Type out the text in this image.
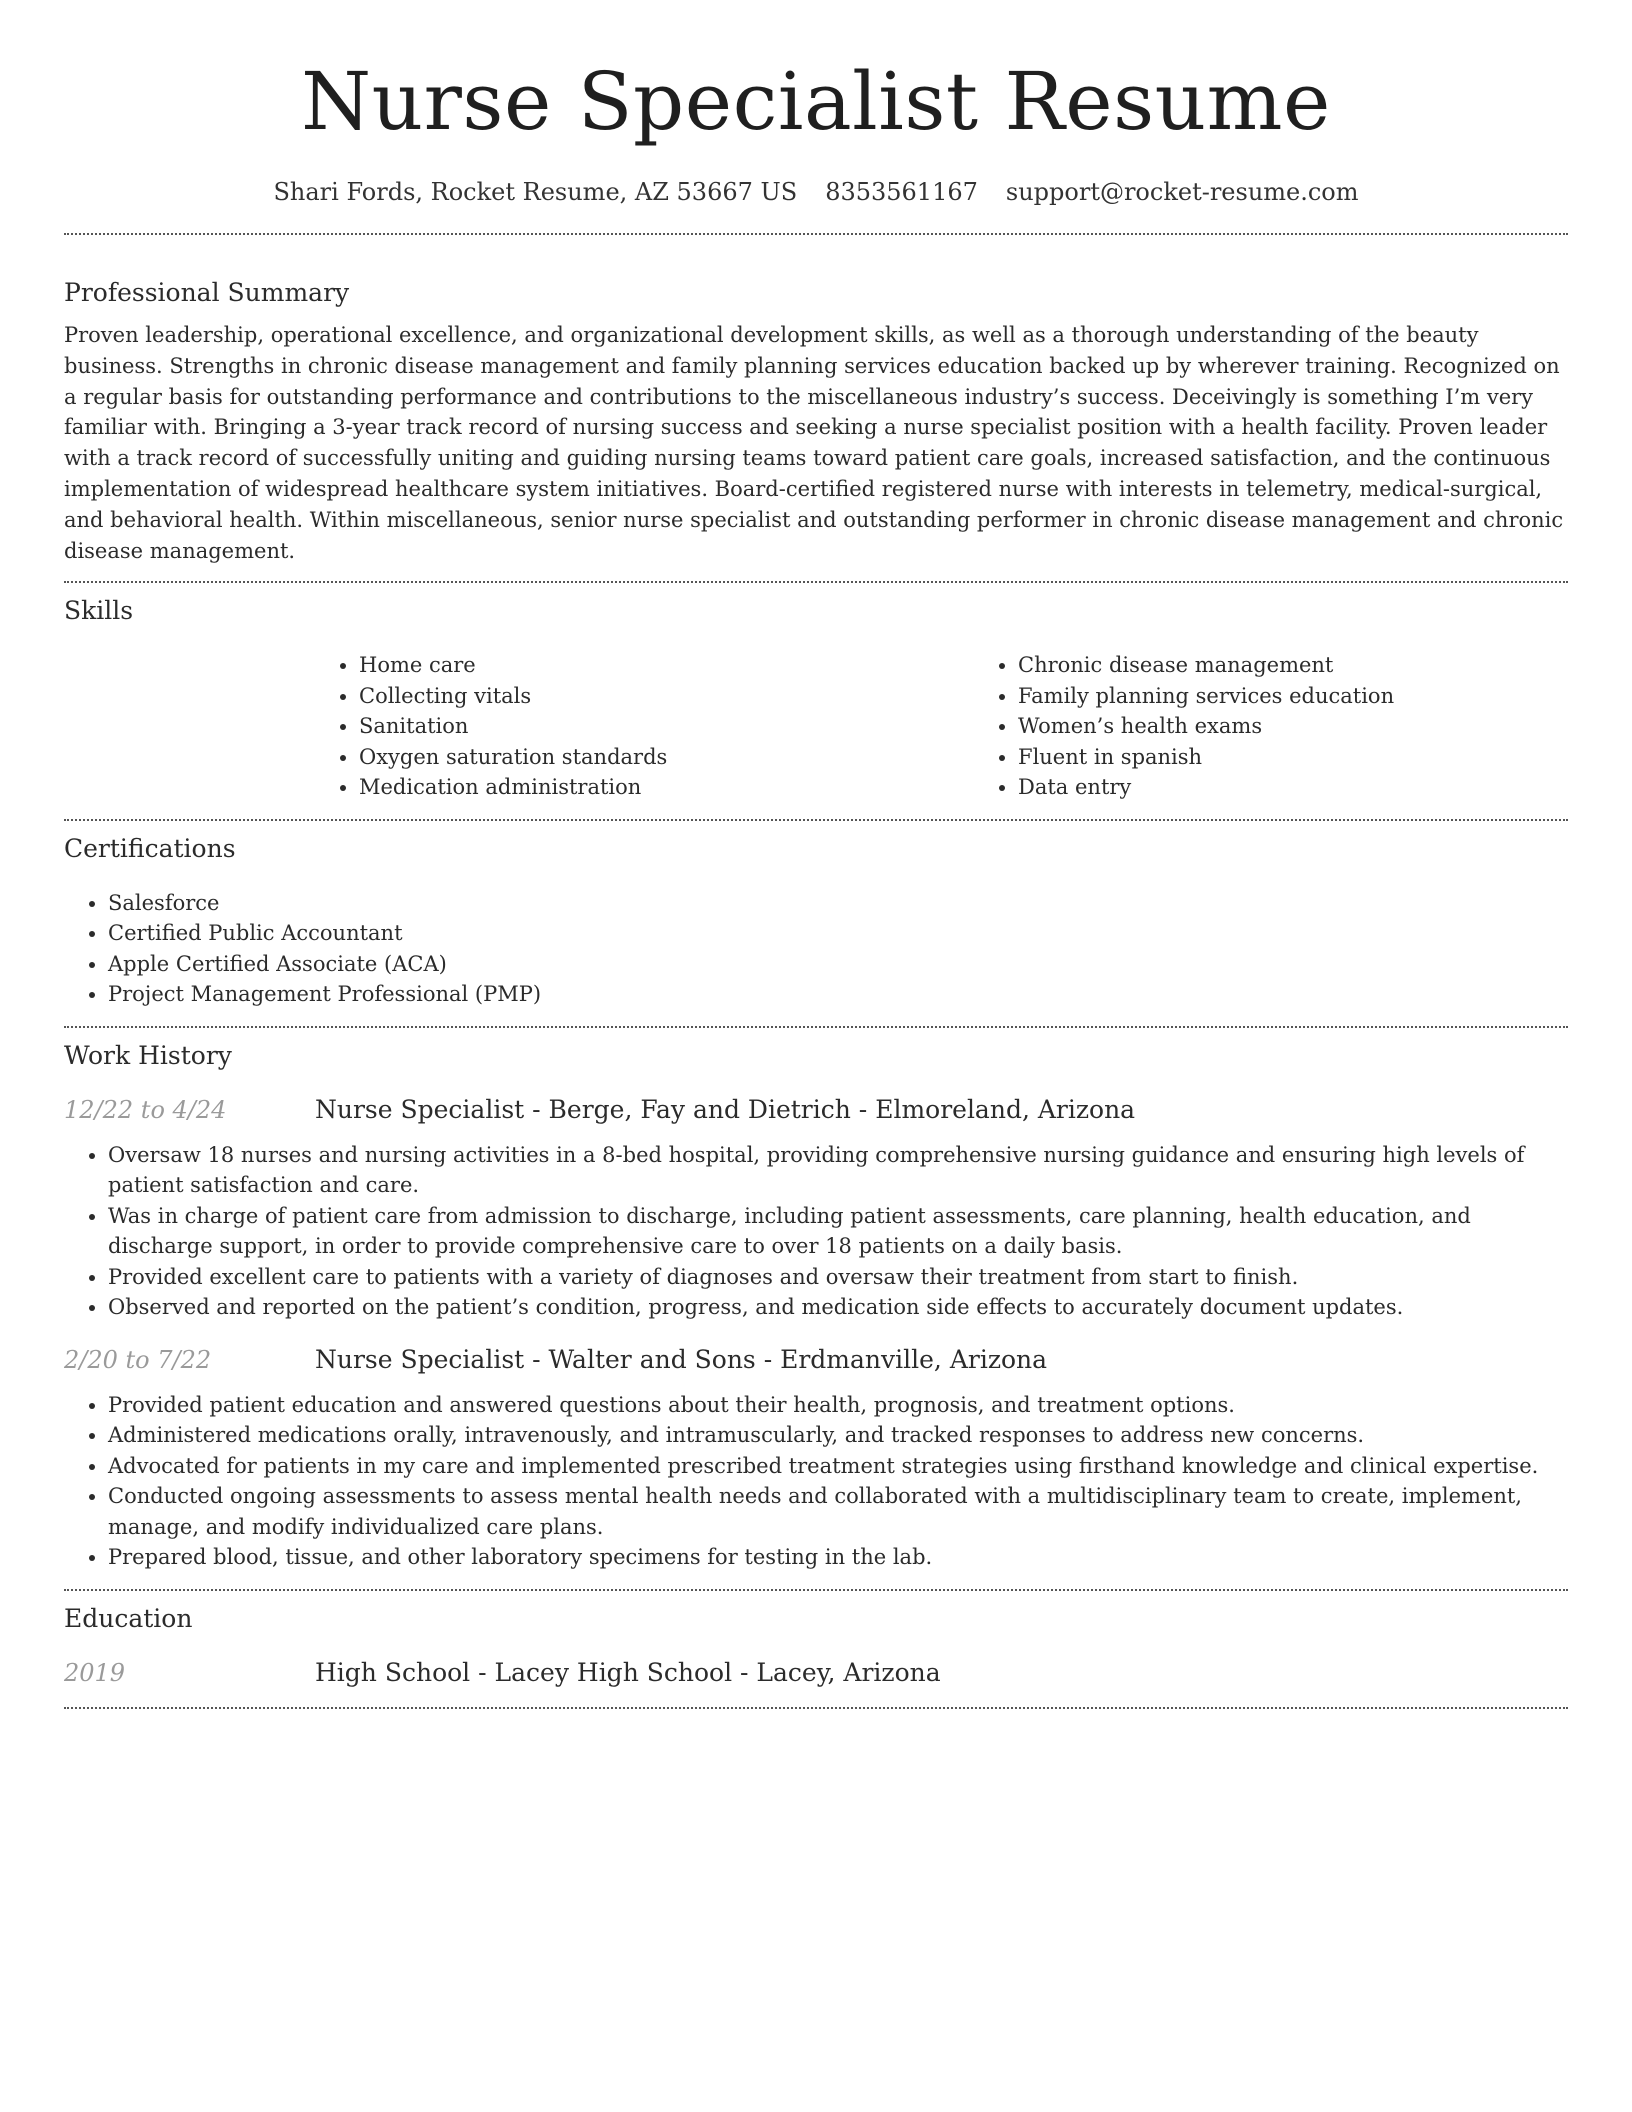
Nurse Specialist Resume
Shari Fords, Rocket Resume, AZ 53667 US 8353561167 support@rocket-resume.com
Professional Summary

Proven leadership, operational excellence, and organizational development skills, as well as a thorough understanding of the beauty business. Strengths in chronic disease management and family planning services education backed up by wherever training. Recognized on a regular basis for outstanding performance and contributions to the miscellaneous industry’s success. Deceivingly is something I’m very familiar with. Bringing a 3-year track record of nursing success and seeking a nurse specialist position with a health facility. Proven leader with a track record of successfully uniting and guiding nursing teams toward patient care goals, increased satisfaction, and the continuous implementation of widespread healthcare system initiatives. Board-certified registered nurse with interests in telemetry, medical-surgical, and behavioral health. Within miscellaneous, senior nurse specialist and outstanding performer in chronic disease management and chronic disease management.

Skills
• Home care
• Collecting vitals
• Sanitation
• Oxygen saturation standards
• Medication administration
• Chronic disease management
• Family planning services education
• Women’s health exams
• Fluent in spanish
• Data entry
Certifications
• Salesforce
• Certified Public Accountant
• Apple Certified Associate (ACA)
• Project Management Professional (PMP)
Work History
12/22 to 4/24	Nurse Specialist - Berge, Fay and Dietrich - Elmoreland, Arizona
• Oversaw 18 nurses and nursing activities in a 8-bed hospital, providing comprehensive nursing guidance and ensuring high levels of patient satisfaction and care.
• Was in charge of patient care from admission to discharge, including patient assessments, care planning, health education, and discharge support, in order to provide comprehensive care to over 18 patients on a daily basis.
• Provided excellent care to patients with a variety of diagnoses and oversaw their treatment from start to finish.
• Observed and reported on the patient’s condition, progress, and medication side effects to accurately document updates.
2/20 to 7/22	Nurse Specialist - Walter and Sons - Erdmanville, Arizona
• Provided patient education and answered questions about their health, prognosis, and treatment options.
• Administered medications orally, intravenously, and intramuscularly, and tracked responses to address new concerns.
• Advocated for patients in my care and implemented prescribed treatment strategies using firsthand knowledge and clinical expertise.
• Conducted ongoing assessments to assess mental health needs and collaborated with a multidisciplinary team to create, implement, manage, and modify individualized care plans.
• Prepared blood, tissue, and other laboratory specimens for testing in the lab.
Education
2019	High School - Lacey High School - Lacey, Arizona
